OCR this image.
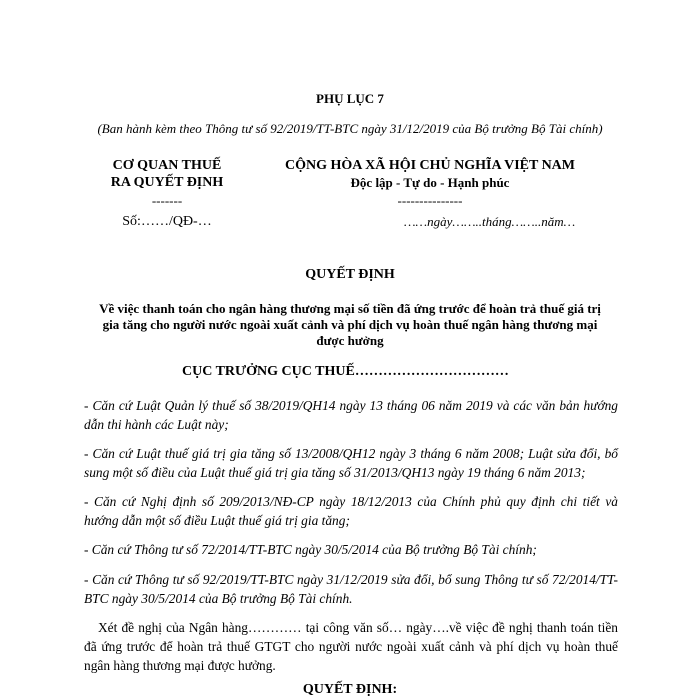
PHỤ LỤC 7
(Ban hành kèm theo Thông tư số 92/2019/TT-BTC ngày 31/12/2019 của Bộ trưởng Bộ Tài chính)
CƠ QUAN THUẾ
RA QUYẾT ĐỊNH
-------
Số:……/QĐ-…
CỘNG HÒA XÃ HỘI CHỦ NGHĨA VIỆT NAM
Độc lập - Tự do - Hạnh phúc
---------------
……ngày……..tháng……..năm…
QUYẾT ĐỊNH
Về việc thanh toán cho ngân hàng thương mại số tiền đã ứng trước để hoàn trả thuế giá trị
gia tăng cho người nước ngoài xuất cảnh và phí dịch vụ hoàn thuế ngân hàng thương mại
được hưởng
CỤC TRƯỞNG CỤC THUẾ……………………………
- Căn cứ Luật Quản lý thuế số 38/2019/QH14 ngày 13 tháng 06 năm 2019 và các văn bản hướng dẫn thi hành các Luật này;
- Căn cứ Luật thuế giá trị gia tăng số 13/2008/QH12 ngày 3 tháng 6 năm 2008; Luật sửa đổi, bổ sung một số điều của Luật thuế giá trị gia tăng số 31/2013/QH13 ngày 19 tháng 6 năm 2013;
- Căn cứ Nghị định số 209/2013/NĐ-CP ngày 18/12/2013 của Chính phủ quy định chi tiết và hướng dẫn một số điều Luật thuế giá trị gia tăng;
- Căn cứ Thông tư số 72/2014/TT-BTC ngày 30/5/2014 của Bộ trưởng Bộ Tài chính;
- Căn cứ Thông tư số 92/2019/TT-BTC ngày 31/12/2019 sửa đổi, bổ sung Thông tư số 72/2014/TT-BTC ngày 30/5/2014 của Bộ trưởng Bộ Tài chính.
Xét đề nghị của Ngân hàng………… tại công văn số… ngày….về việc đề nghị thanh toán tiền đã ứng trước để hoàn trả thuế GTGT cho người nước ngoài xuất cảnh và phí dịch vụ hoàn thuế ngân hàng thương mại được hưởng.
QUYẾT ĐỊNH:
